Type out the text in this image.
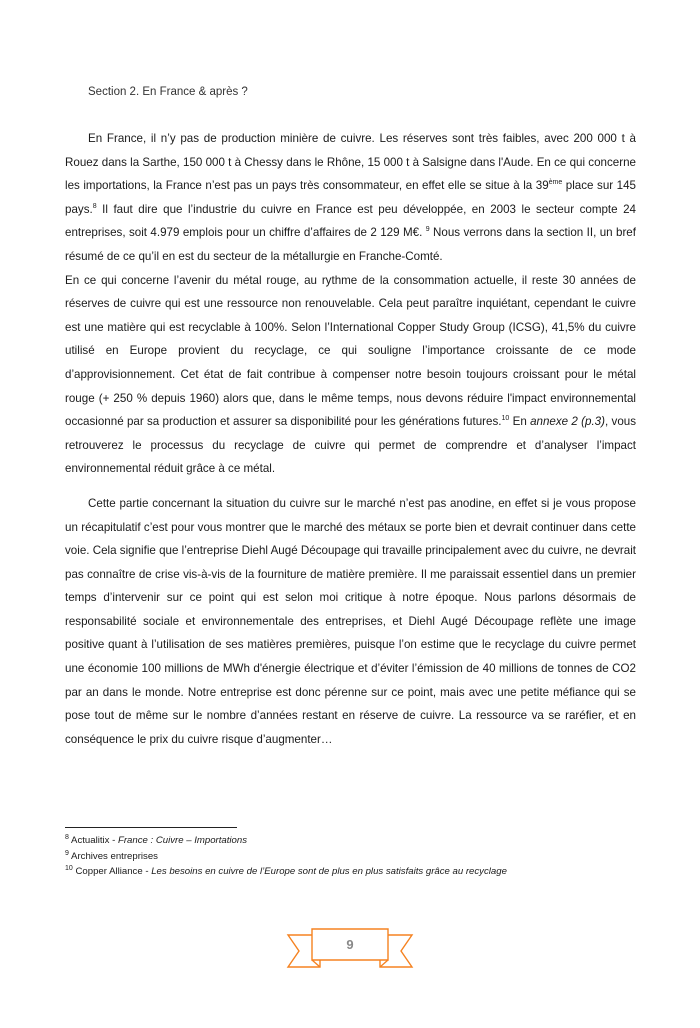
Section 2. En France & après ?

En France, il n’y pas de production minière de cuivre. Les réserves sont très faibles, avec 200 000 t à Rouez dans la Sarthe, 150 000 t à Chessy dans le Rhône, 15 000 t à Salsigne dans l'Aude. En ce qui concerne les importations, la France n’est pas un pays très consommateur, en effet elle se situe à la 39ème place sur 145 pays.$^8$ Il faut dire que l’industrie du cuivre en France est peu développée, en 2003 le secteur compte 24 entreprises, soit 4.979 emplois pour un chiffre d’affaires de 2 129 M€. $^9$ Nous verrons dans la section II, un bref résumé de ce qu’il en est du secteur de la métallurgie en Franche-Comté.

En ce qui concerne l’avenir du métal rouge, au rythme de la consommation actuelle, il reste 30 années de réserves de cuivre qui est une ressource non renouvelable. Cela peut paraître inquiétant, cependant le cuivre est une matière qui est recyclable à 100%. Selon l’International Copper Study Group (ICSG), 41,5% du cuivre utilisé en Europe provient du recyclage, ce qui souligne l’importance croissante de ce mode d’approvisionnement. Cet état de fait contribue à compenser notre besoin toujours croissant pour le métal rouge (+ 250 % depuis 1960) alors que, dans le même temps, nous devons réduire l'impact environnemental occasionné par sa production et assurer sa disponibilité pour les générations futures.$^{10}$ En annexe 2 (p.3), vous retrouverez le processus du recyclage de cuivre qui permet de comprendre et d’analyser l’impact environnemental réduit grâce à ce métal.

Cette partie concernant la situation du cuivre sur le marché n’est pas anodine, en effet si je vous propose un récapitulatif c’est pour vous montrer que le marché des métaux se porte bien et devrait continuer dans cette voie. Cela signifie que l’entreprise Diehl Augé Découpage qui travaille principalement avec du cuivre, ne devrait pas connaître de crise vis-à-vis de la fourniture de matière première. Il me paraissait essentiel dans un premier temps d’intervenir sur ce point qui est selon moi critique à notre époque. Nous parlons désormais de responsabilité sociale et environnementale des entreprises, et Diehl Augé Découpage reflète une image positive quant à l’utilisation de ses matières premières, puisque l’on estime que le recyclage du cuivre permet une économie 100 millions de MWh d'énergie électrique et d’éviter l’émission de 40 millions de tonnes de CO2 par an dans le monde. Notre entreprise est donc pérenne sur ce point, mais avec une petite méfiance qui se pose tout de même sur le nombre d’années restant en réserve de cuivre. La ressource va se raréfier, et en conséquence le prix du cuivre risque d’augmenter…

$^8$ Actualitix - France : Cuivre – Importations
$^9$ Archives entreprises
$^{10}$ Copper Alliance - Les besoins en cuivre de l’Europe sont de plus en plus satisfaits grâce au recyclage
9
